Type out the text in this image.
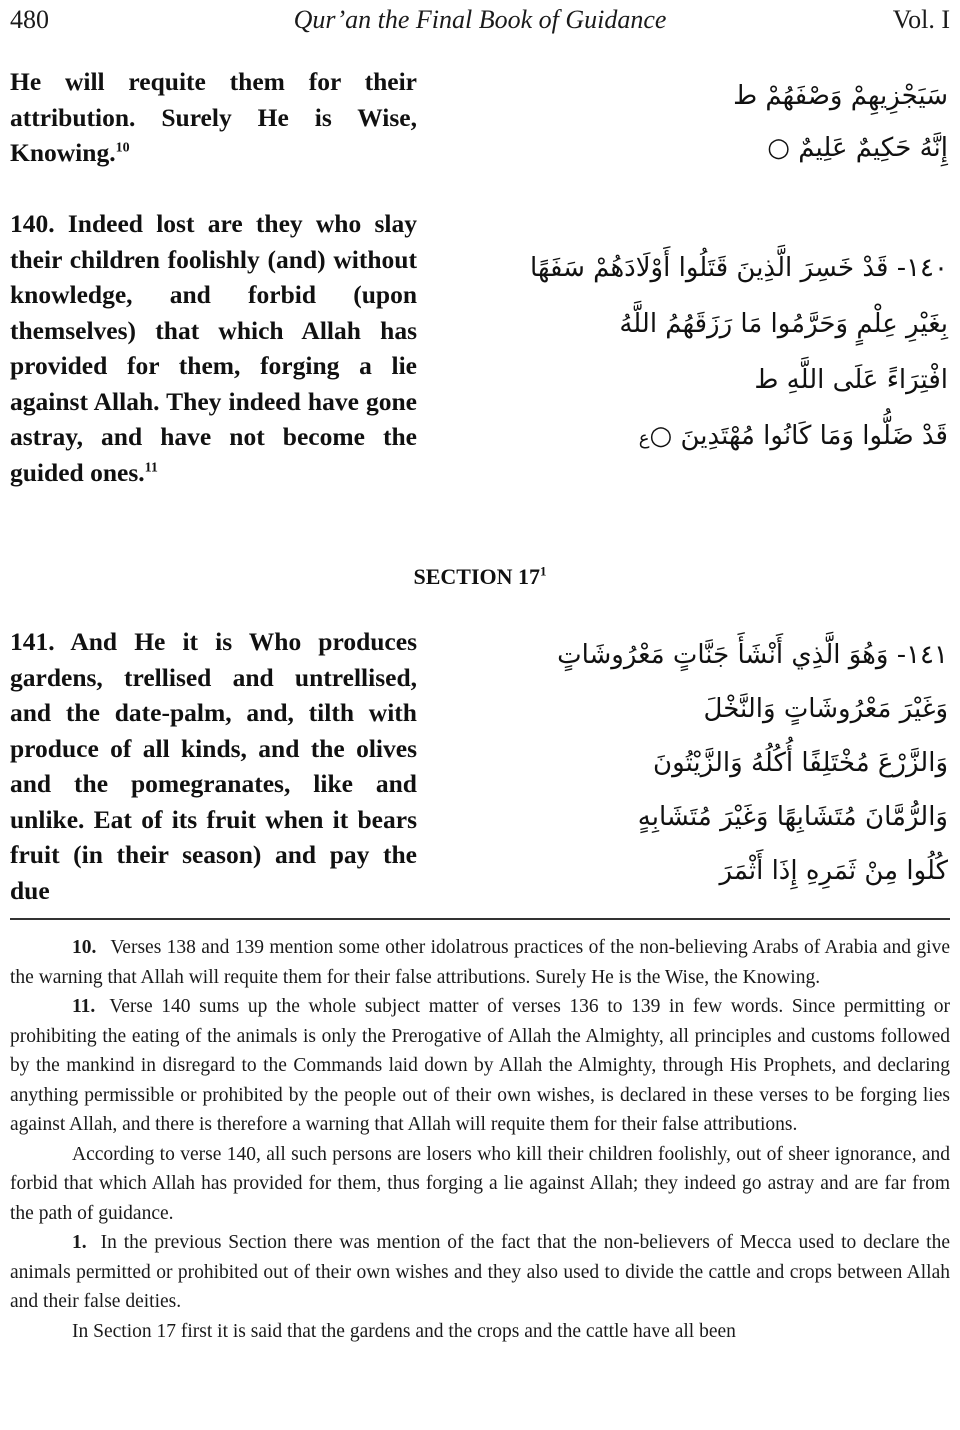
480	Qur’an the Final Book of Guidance	Vol. I
He will requite them for their attribution. Surely He is Wise, Knowing.$^{10}$
سَيَجْزِيهِمْ وَصْفَهُمْ ط
إِنَّهُ حَكِيمٌ عَلِيمٌ ○
140. Indeed lost are they who slay their children foolishly (and) without knowledge, and forbid (upon themselves) that which Allah has provided for them, forging a lie against Allah. They indeed have gone astray, and have not become the guided ones.$^{11}$
١٤٠- قَدْ خَسِرَ الَّذِينَ قَتَلُوا أَوْلَادَهُمْ سَفَهًا
بِغَيْرِ عِلْمٍ وَحَرَّمُوا مَا رَزَقَهُمُ اللَّهُ
افْتِرَاءً عَلَى اللَّهِ ط
قَدْ ضَلُّوا وَمَا كَانُوا مُهْتَدِينَ ○ع
SECTION $17^1$
141. And He it is Who produces gardens, trellised and untrellised, and the date-palm, and, tilth with produce of all kinds, and the olives and the pomegranates, like and unlike. Eat of its fruit when it bears fruit (in their season) and pay the due
١٤١- وَهُوَ الَّذِي أَنْشَأَ جَنَّاتٍ مَعْرُوشَاتٍ
وَغَيْرَ مَعْرُوشَاتٍ وَالنَّخْلَ
وَالزَّرْعَ مُخْتَلِفًا أُكُلُهُ وَالزَّيْتُونَ
وَالرُّمَّانَ مُتَشَابِهًا وَغَيْرَ مُتَشَابِهٍ
كُلُوا مِنْ ثَمَرِهِ إِذَا أَثْمَرَ

10. Verses 138 and 139 mention some other idolatrous practices of the non-believing Arabs of Arabia and give the warning that Allah will requite them for their false attributions. Surely He is the Wise, the Knowing.

11. Verse 140 sums up the whole subject matter of verses 136 to 139 in few words. Since permitting or prohibiting the eating of the animals is only the Prerogative of Allah the Almighty, all principles and customs followed by the mankind in disregard to the Commands laid down by Allah the Almighty, through His Prophets, and declaring anything permissible or prohibited by the people out of their own wishes, is declared in these verses to be forging lies against Allah, and there is therefore a warning that Allah will requite them for their false attributions.

According to verse 140, all such persons are losers who kill their children foolishly, out of sheer ignorance, and forbid that which Allah has provided for them, thus forging a lie against Allah; they indeed go astray and are far from the path of guidance.

1. In the previous Section there was mention of the fact that the non-believers of Mecca used to declare the animals permitted or prohibited out of their own wishes and they also used to divide the cattle and crops between Allah and their false deities.

In Section 17 first it is said that the gardens and the crops and the cattle have all been
